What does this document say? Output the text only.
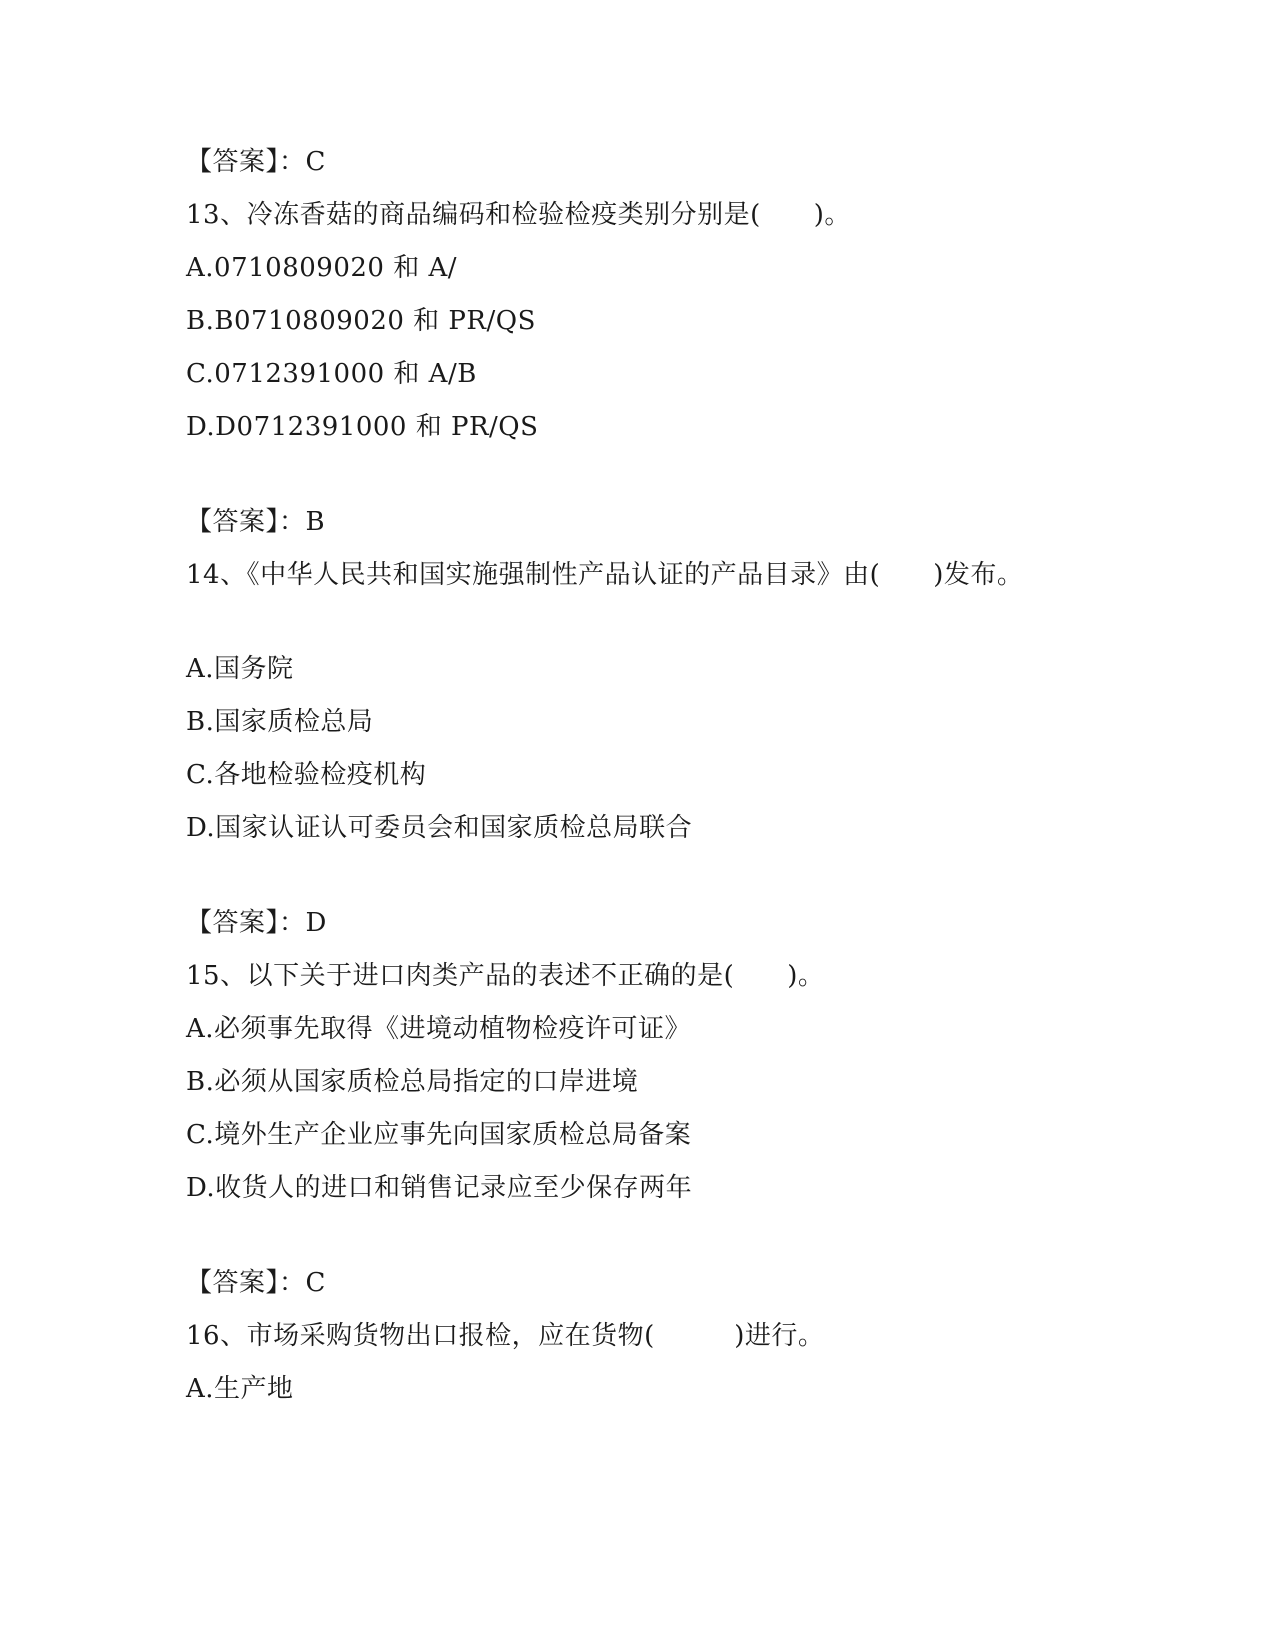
【答案】：C
13、冷冻香菇的商品编码和检验检疫类别分别是(　　)。
A.0710809020 和 A/
B.B0710809020 和 PR/QS
C.0712391000 和 A/B
D.D0712391000 和 PR/QS
【答案】：B
14、《中华人民共和国实施强制性产品认证的产品目录》由(　　)发布。
A.国务院
B.国家质检总局
C.各地检验检疫机构
D.国家认证认可委员会和国家质检总局联合
【答案】：D
15、以下关于进口肉类产品的表述不正确的是(　　)。
A.必须事先取得《进境动植物检疫许可证》
B.必须从国家质检总局指定的口岸进境
C.境外生产企业应事先向国家质检总局备案
D.收货人的进口和销售记录应至少保存两年
【答案】：C
16、市场采购货物出口报检，应在货物(　　　)进行。
A.生产地
